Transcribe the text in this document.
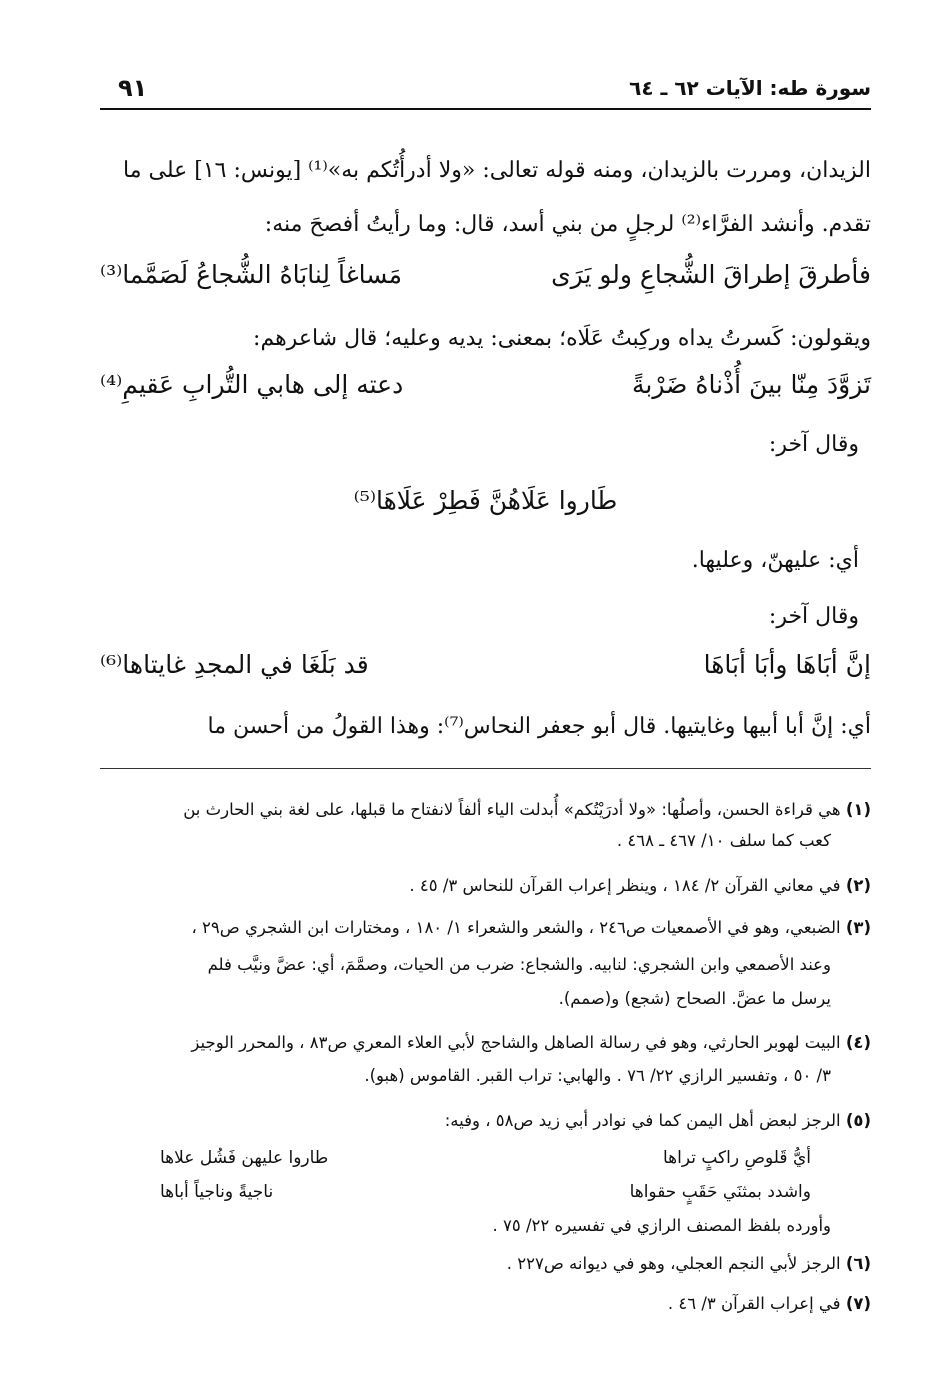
سورة طه: الآيات ٦٢ ـ ٦٤
٩١
الزيدان، ومررت بالزيدان، ومنه قوله تعالى: «ولا أدرأُتُكم به»⁽¹⁾ [يونس: ١٦] على ما
تقدم. وأنشد الفرَّاء⁽²⁾ لرجلٍ من بني أسد، قال: وما رأيتُ أفصحَ منه:
فأطرقَ إطراقَ الشُّجاعِ ولو يَرَى
مَساغاً لِنابَاهُ الشُّجاعُ لَصَمَّما⁽³⁾
ويقولون: كَسرتُ يداه وركِبتُ عَلَاه؛ بمعنى: يديه وعليه؛ قال شاعرهم:
تَزوَّدَ مِنّا بينَ أُذْناهُ ضَرْبةً
دعته إلى هابي التُّرابِ عَقيمِ⁽⁴⁾
وقال آخر:
طَاروا عَلَاهُنَّ فَطِرْ عَلَاهَا⁽⁵⁾
أي: عليهنّ، وعليها.
وقال آخر:
إنَّ أبَاهَا وأبَا أبَاهَا
قد بَلَغَا في المجدِ غايتاها⁽⁶⁾
أي: إنَّ أبا أبيها وغايتيها. قال أبو جعفر النحاس⁽⁷⁾: وهذا القولُ من أحسن ما
(١) هي قراءة الحسن، وأصلُها: «ولا أدرَيْتُكم» أُبدلت الياء ألفاً لانفتاح ما قبلها، على لغة بني الحارث بن
كعب كما سلف ١٠/ ٤٦٧ ـ ٤٦٨ .
(٢) في معاني القرآن ٢/ ١٨٤ ، وينظر إعراب القرآن للنحاس ٣/ ٤٥ .
(٣) الضبعي، وهو في الأصمعيات ص٢٤٦ ، والشعر والشعراء ١/ ١٨٠ ، ومختارات ابن الشجري ص٢٩ ،
وعند الأصمعي وابن الشجري: لنابيه. والشجاع: ضرب من الحيات، وصمَّمَ، أي: عضَّ ونيَّب فلم
يرسل ما عضَّ. الصحاح (شجع) و(صمم).
(٤) البيت لهوبر الحارثي، وهو في رسالة الصاهل والشاحج لأبي العلاء المعري ص٨٣ ، والمحرر الوجيز
٣/ ٥٠ ، وتفسير الرازي ٢٢/ ٧٦ . والهابي: تراب القبر. القاموس (هبو).
(٥) الرجز لبعض أهل اليمن كما في نوادر أبي زيد ص٥٨ ، وفيه:
أيُّ قَلوصِ راكبٍ تراها
طاروا عليهن فَشُل علاها
واشدد بمثنَي حَقَبٍ حقواها
ناجيةً وناجياً أباها
وأورده بلفظ المصنف الرازي في تفسيره ٢٢/ ٧٥ .
(٦) الرجز لأبي النجم العجلي، وهو في ديوانه ص٢٢٧ .
(٧) في إعراب القرآن ٣/ ٤٦ .
